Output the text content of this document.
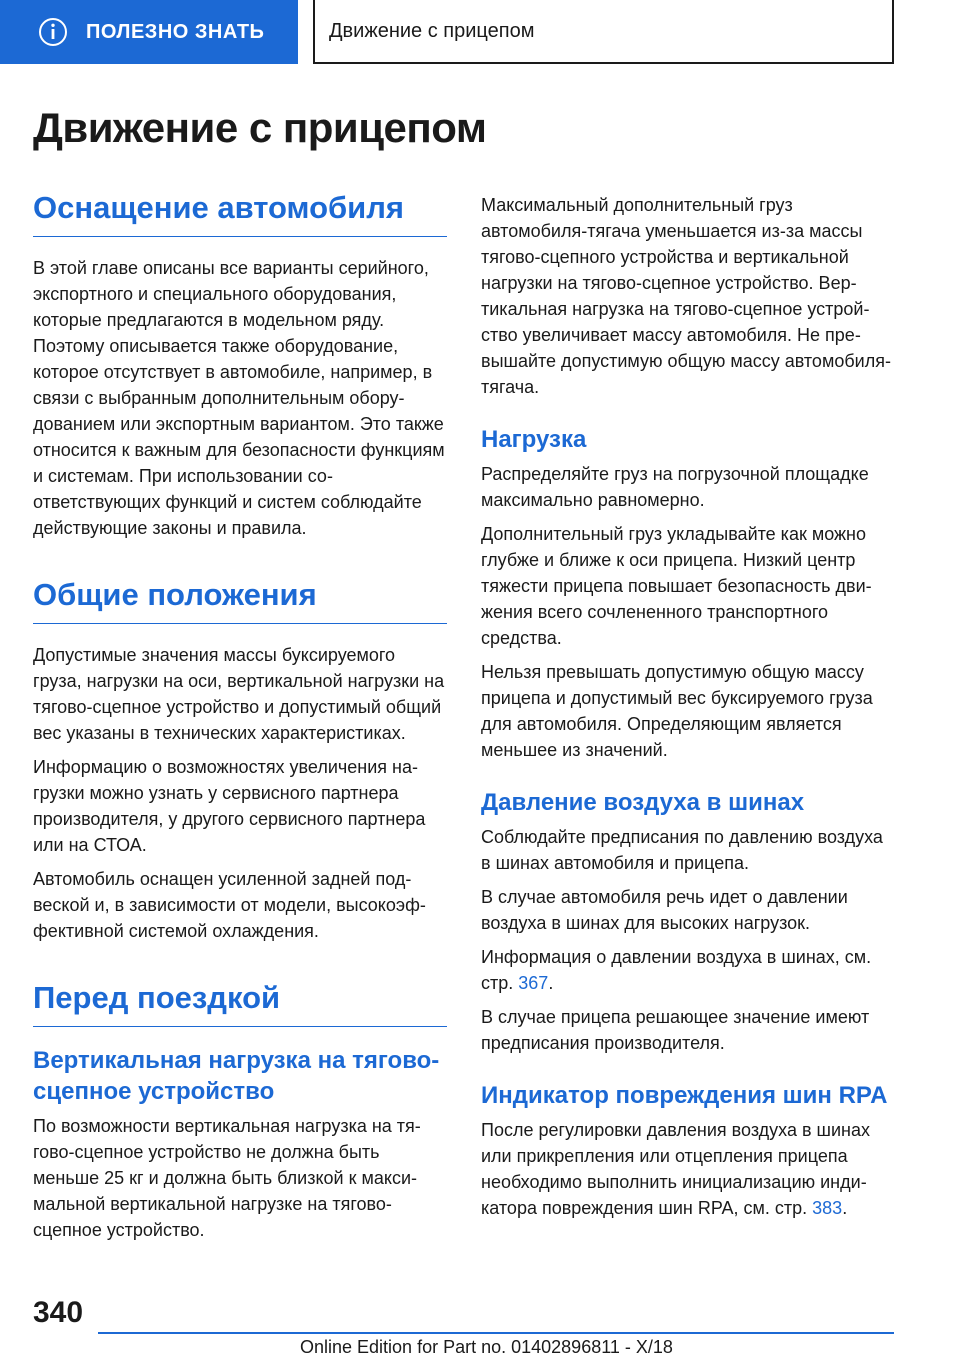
ПОЛЕЗНО ЗНАТЬ	Движение с прицепом
Движение с прицепом
Оснащение автомобиля

В этой главе описаны все варианты серийного, экспортного и специального оборудования, которые предлагаются в модельном ряду. Поэтому описывается также оборудование, которое отсутствует в автомобиле, например, в связи с выбранным дополнительным оборудованием или экспортным вариантом. Это также относится к важным для безопасности функциям и системам. При использовании соответствующих функций и систем соблюдайте действующие законы и правила.

Общие положения

Допустимые значения массы буксируемого груза, нагрузки на оси, вертикальной нагрузки на тягово-сцепное устройство и допустимый общий вес указаны в технических характеристиках.

Информацию о возможностях увеличения нагрузки можно узнать у сервисного партнера производителя, у другого сервисного партнера или на СТОА.

Автомобиль оснащен усиленной задней подвеской и, в зависимости от модели, высокоэффективной системой охлаждения.

Перед поездкой
Вертикальная нагрузка на тягово-сцепное устройство

По возможности вертикальная нагрузка на тягово-сцепное устройство не должна быть меньше 25 кг и должна быть близкой к максимальной вертикальной нагрузке на тягово-сцепное устройство.

Максимальный дополнительный груз автомобиля-тягача уменьшается из-за массы тягово-сцепного устройства и вертикальной нагрузки на тягово-сцепное устройство. Вертикальная нагрузка на тягово-сцепное устройство увеличивает массу автомобиля. Не превышайте допустимую общую массу автомобиля-тягача.

Нагрузка

Распределяйте груз на погрузочной площадке максимально равномерно.

Дополнительный груз укладывайте как можно глубже и ближе к оси прицепа. Низкий центр тяжести прицепа повышает безопасность движения всего сочлененного транспортного средства.

Нельзя превышать допустимую общую массу прицепа и допустимый вес буксируемого груза для автомобиля. Определяющим является меньшее из значений.

Давление воздуха в шинах

Соблюдайте предписания по давлению воздуха в шинах автомобиля и прицепа.

В случае автомобиля речь идет о давлении воздуха в шинах для высоких нагрузок.

Информация о давлении воздуха в шинах, см. стр. 367.

В случае прицепа решающее значение имеют предписания производителя.

Индикатор повреждения шин RPA

После регулировки давления воздуха в шинах или прикрепления или отцепления прицепа необходимо выполнить инициализацию индикатора повреждения шин RPA, см. стр. 383.

340
Online Edition for Part no. 01402896811 - X/18
